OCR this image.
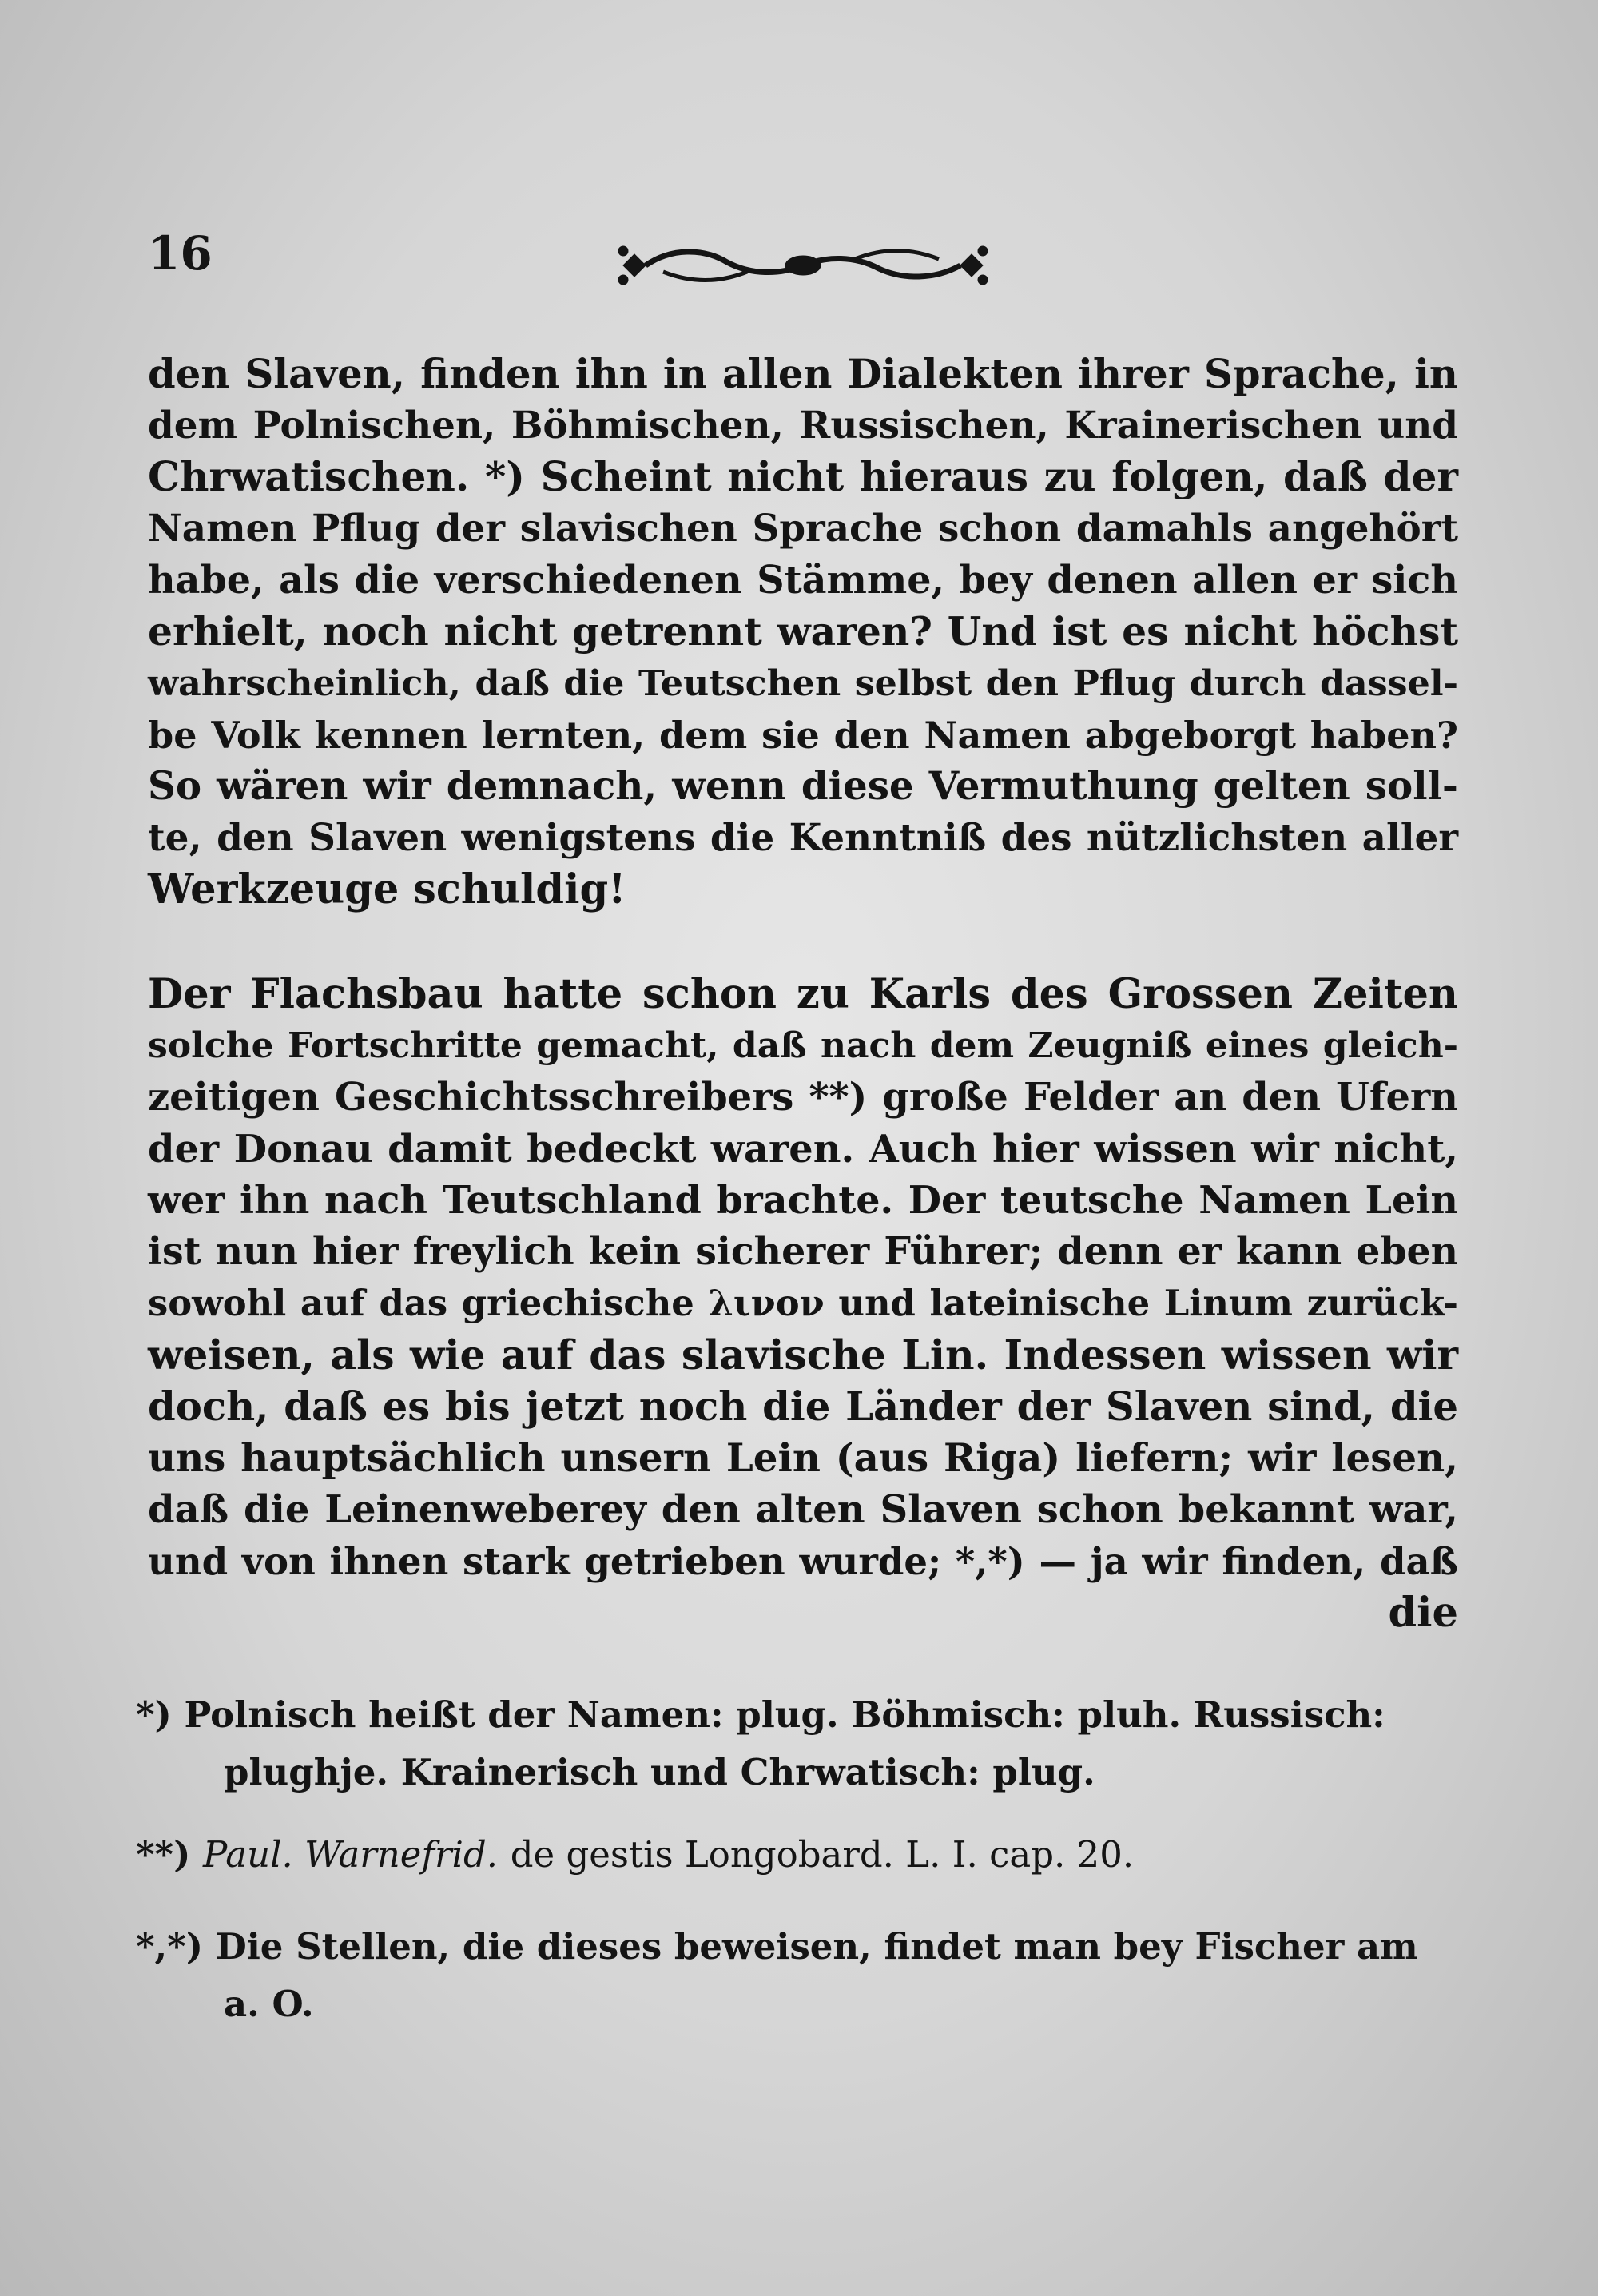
16
den Slaven, finden ihn in allen Dialekten ihrer Sprache, in
dem Polnischen, Böhmischen, Russischen, Krainerischen und
Chrwatischen. *) Scheint nicht hieraus zu folgen, daß der
Namen Pflug der slavischen Sprache schon damahls angehört
habe, als die verschiedenen Stämme, bey denen allen er sich
erhielt, noch nicht getrennt waren? Und ist es nicht höchst
wahrscheinlich, daß die Teutschen selbst den Pflug durch dassel-
be Volk kennen lernten, dem sie den Namen abgeborgt haben?
So wären wir demnach, wenn diese Vermuthung gelten soll-
te, den Slaven wenigstens die Kenntniß des nützlichsten aller
Werkzeuge schuldig!
Der Flachsbau hatte schon zu Karls des Grossen Zeiten
solche Fortschritte gemacht, daß nach dem Zeugniß eines gleich-
zeitigen Geschichtsschreibers **) große Felder an den Ufern
der Donau damit bedeckt waren. Auch hier wissen wir nicht,
wer ihn nach Teutschland brachte. Der teutsche Namen Lein
ist nun hier freylich kein sicherer Führer; denn er kann eben
sowohl auf das griechische λινον und lateinische Linum zurück-
weisen, als wie auf das slavische Lin. Indessen wissen wir
doch, daß es bis jetzt noch die Länder der Slaven sind, die
uns hauptsächlich unsern Lein (aus Riga) liefern; wir lesen,
daß die Leinenweberey den alten Slaven schon bekannt war,
und von ihnen stark getrieben wurde; *,*) — ja wir finden, daß
die
*) Polnisch heißt der Namen: plug. Böhmisch: pluh. Russisch:
plughje. Krainerisch und Chrwatisch: plug.
**) Paul. Warnefrid. de gestis Longobard. L. I. cap. 20.
*,*) Die Stellen, die dieses beweisen, findet man bey Fischer am
a. O.
